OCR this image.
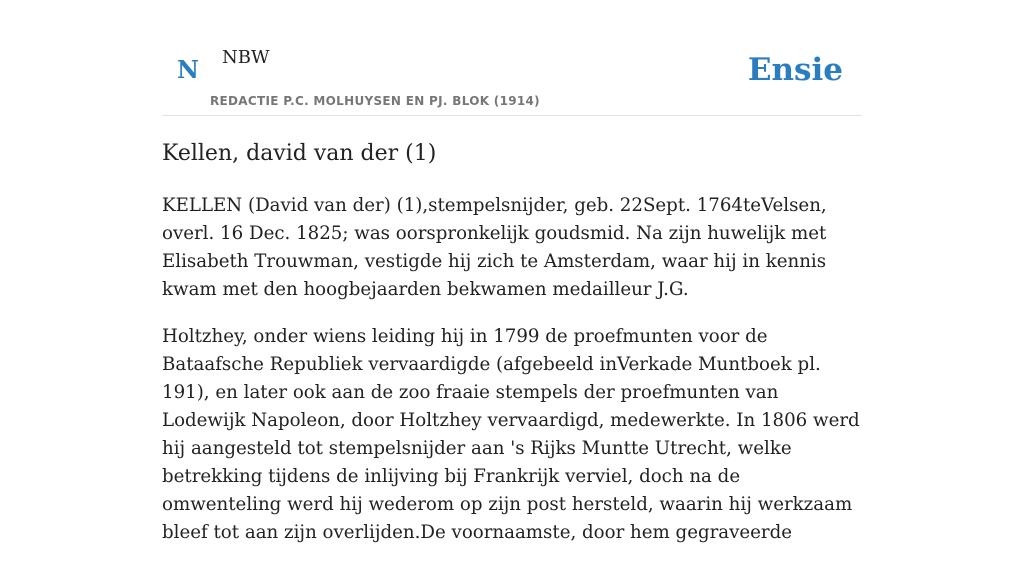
N NBW
REDACTIE P.C. MOLHUYSEN EN PJ. BLOK (1914)
Ensie
Kellen, david van der (1)

KELLEN (David van der) (1),stempelsnijder, geb. 22Sept. 1764teVelsen, overl. 16 Dec. 1825; was oorspronkelijk goudsmid. Na zijn huwelijk met Elisabeth Trouwman, vestigde hij zich te Amsterdam, waar hij in kennis kwam met den hoogbejaarden bekwamen medailleur J.G.

Holtzhey, onder wiens leiding hij in 1799 de proefmunten voor de Bataafsche Republiek vervaardigde (afgebeeld inVerkade Muntboek pl. 191), en later ook aan de zoo fraaie stempels der proefmunten van Lodewijk Napoleon, door Holtzhey vervaardigd, medewerkte. In 1806 werd hij aangesteld tot stempelsnijder aan 's Rijks Muntte Utrecht, welke betrekking tijdens de inlijving bij Frankrijk verviel, doch na de omwenteling werd hij wederom op zijn post hersteld, waarin hij werkzaam bleef tot aan zijn overlijden.De voornaamste, door hem gegraveerde
